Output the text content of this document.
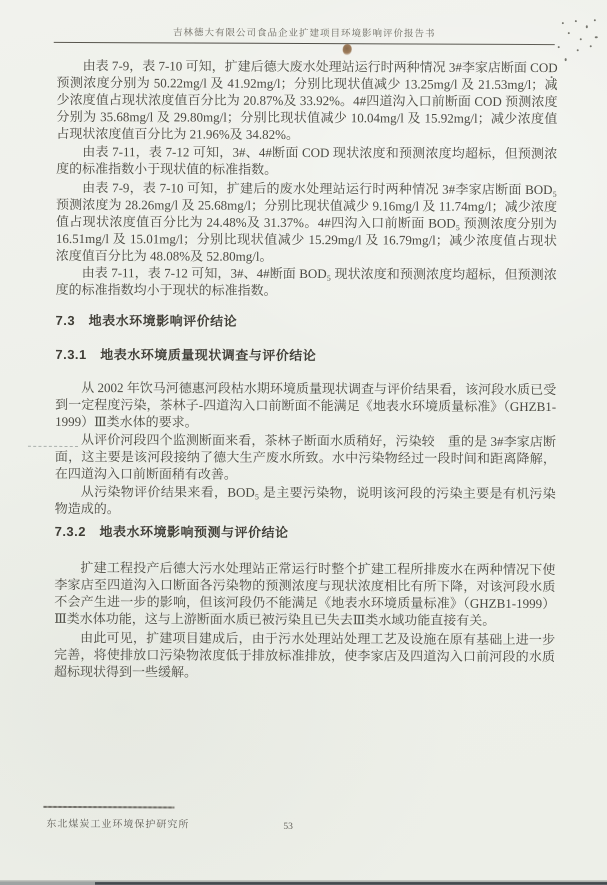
吉林德大有限公司食品企业扩建项目环境影响评价报告书

由表 7-9，表 7-10 可知，扩建后德大废水处理站运行时两种情况 3#李家店断面 COD 预测浓度分别为 50.22mg/l 及 41.92mg/l；分别比现状值减少 13.25mg/l 及 21.53mg/l；减少浓度值占现状浓度值百分比为 20.87%及 33.92%。4#四道沟入口前断面 COD 预测浓度分别为 35.68mg/l 及 29.80mg/l；分别比现状值减少 10.04mg/l 及 15.92mg/l；减少浓度值占现状浓度值百分比为 21.96%及 34.82%。

由表 7-11，表 7-12 可知，3#、4#断面 COD 现状浓度和预测浓度均超标，但预测浓度的标准指数小于现状值的标准指数。

由表 7-9，表 7-10 可知，扩建后的废水处理站运行时两种情况 3#李家店断面 BOD₅ 预测浓度为 28.26mg/l 及 25.68mg/l；分别比现状值减少 9.16mg/l 及 11.74mg/l；减少浓度值占现状浓度值百分比为 24.48%及 31.37%。4#四沟入口前断面 BOD₅ 预测浓度分别为 16.51mg/l 及 15.01mg/l；分别比现状值减少 15.29mg/l 及 16.79mg/l；减少浓度值占现状浓度值百分比为 48.08%及 52.80mg/l。

由表 7-11，表 7-12 可知，3#、4#断面 BOD₅ 现状浓度和预测浓度均超标，但预测浓度的标准指数均小于现状的标准指数。

7.3　地表水环境影响评价结论
7.3.1　地表水环境质量现状调查与评价结论

从 2002 年饮马河德惠河段枯水期环境质量现状调查与评价结果看，该河段水质已受到一定程度污染，茶林子-四道沟入口前断面不能满足《地表水环境质量标准》（GHZB1-1999）Ⅲ类水体的要求。

从评价河段四个监测断面来看，茶林子断面水质稍好，污染较　重的是 3#李家店断面，这主要是该河段接纳了德大生产废水所致。水中污染物经过一段时间和距离降解，在四道沟入口前断面稍有改善。

从污染物评价结果来看，BOD₅ 是主要污染物，说明该河段的污染主要是有机污染物造成的。

7.3.2　地表水环境影响预测与评价结论

扩建工程投产后德大污水处理站正常运行时整个扩建工程所排废水在两种情况下使李家店至四道沟入口断面各污染物的预测浓度与现状浓度相比有所下降，对该河段水质不会产生进一步的影响，但该河段仍不能满足《地表水环境质量标准》（GHZB1-1999）Ⅲ类水体功能，这与上游断面水质已被污染且已失去Ⅲ类水域功能直接有关。

由此可见，扩建项目建成后，由于污水处理站处理工艺及设施在原有基础上进一步完善，将使排放口污染物浓度低于排放标准排放，使李家店及四道沟入口前河段的水质超标现状得到一些缓解。

东北煤炭工业环境保护研究所	53
